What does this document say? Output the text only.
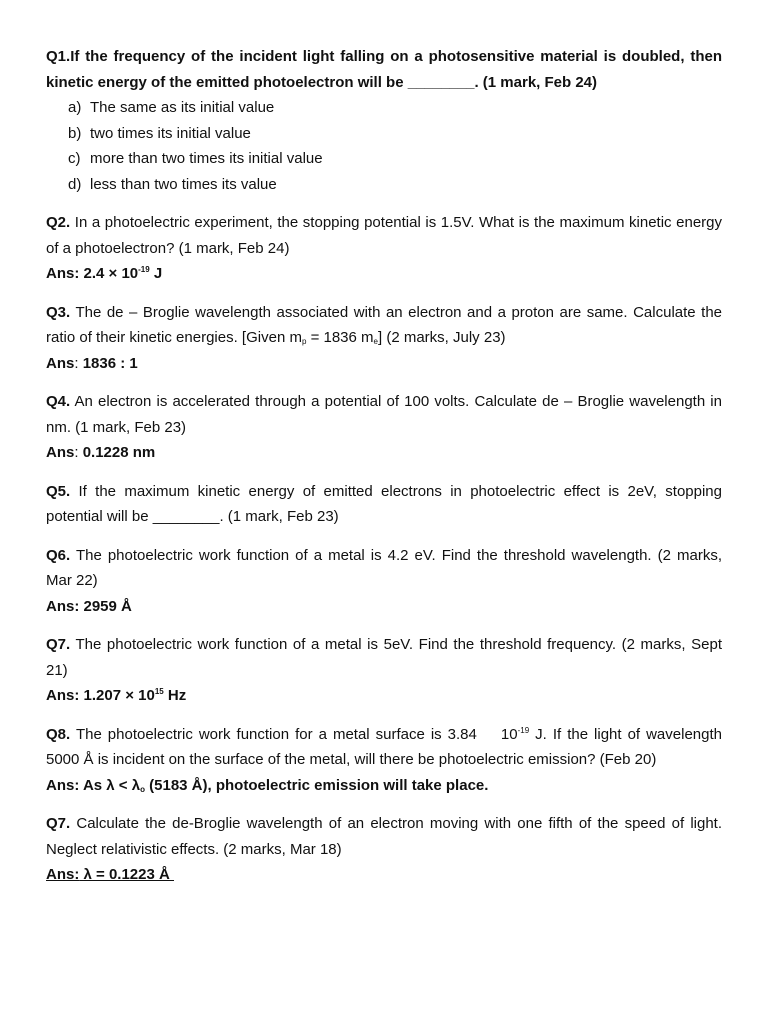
Q1.If the frequency of the incident light falling on a photosensitive material is doubled, then kinetic energy of the emitted photoelectron will be ________. (1 mark, Feb 24)

a) The same as its initial value
b) two times its initial value
c) more than two times its initial value
d) less than two times its value

Q2. In a photoelectric experiment, the stopping potential is 1.5V. What is the maximum kinetic energy of a photoelectron? (1 mark, Feb 24)

Ans: $2.4 \times 10^{-19}$ J

Q3. The de – Broglie wavelength associated with an electron and a proton are same. Calculate the ratio of their kinetic energies. [Given $m_p = 1836$ $m_e$] (2 marks, July 23)

Ans: 1836 : 1

Q4. An electron is accelerated through a potential of 100 volts. Calculate de – Broglie wavelength in nm. (1 mark, Feb 23)

Ans: 0.1228 nm

Q5. If the maximum kinetic energy of emitted electrons in photoelectric effect is 2eV, stopping potential will be ________. (1 mark, Feb 23)

Q6. The photoelectric work function of a metal is 4.2 eV. Find the threshold wavelength. (2 marks, Mar 22)

Ans: 2959 Å

Q7. The photoelectric work function of a metal is 5eV. Find the threshold frequency. (2 marks, Sept 21)

Ans: $1.207 \times 10^{15}$ Hz

Q8. The photoelectric work function for a metal surface is 3.84    $10^{-19}$ J. If the light of wavelength 5000 Å is incident on the surface of the metal, will there be photoelectric emission? (Feb 20)

Ans: As $\lambda < \lambda_o$ (5183 Å), photoelectric emission will take place.

Q7. Calculate the de-Broglie wavelength of an electron moving with one fifth of the speed of light. Neglect relativistic effects. (2 marks, Mar 18)

Ans: λ = 0.1223 Å
